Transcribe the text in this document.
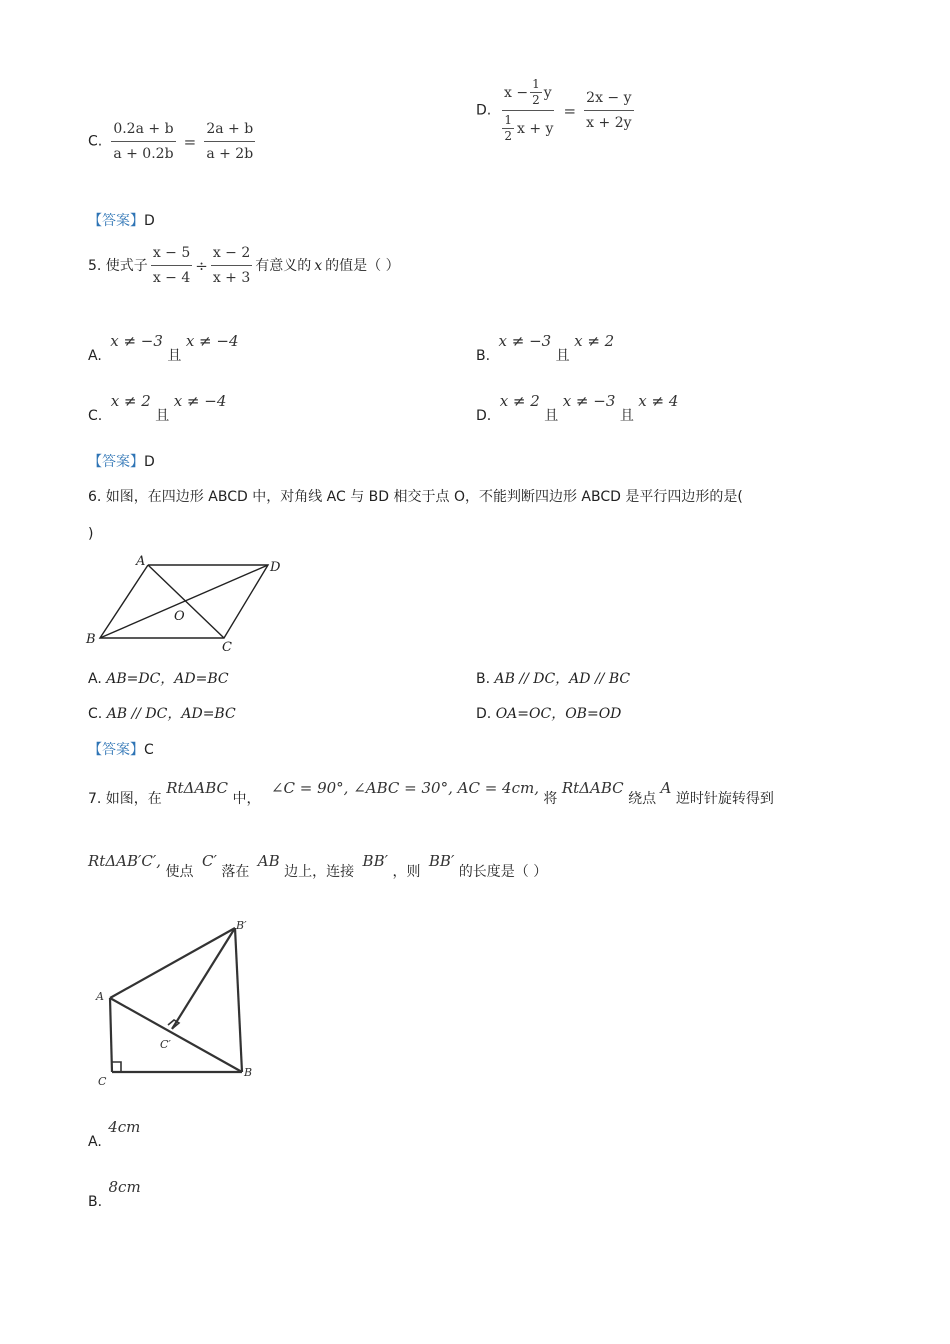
C. $\frac{0.2a + b}{a + 0.2b} = \frac{2a + b}{a + 2b}$
D. $\frac{x - \frac{1}{2} y}{\frac{1}{2} x + y} = \frac{2x - y}{x + 2y}$
【答案】D
5. 使式子 $\frac{x - 5}{x - 4} \div \frac{x - 2}{x + 3}$ 有意义的 x 的值是（ ）
A. x ≠ −3 且 x ≠ −4
B. x ≠ −3 且 x ≠ 2
C. x ≠ 2 且 x ≠ −4
D. x ≠ 2 且 x ≠ −3 且 x ≠ 4
【答案】D
6. 如图，在四边形 ABCD 中，对角线 AC 与 BD 相交于点 O，不能判断四边形 ABCD 是平行四边形的是(
)
A	D
B
C
O
A. AB=DC，AD=BC	B. AB // DC，AD // BC
C. AB // DC，AD=BC	D. OA=OC，OB=OD
【答案】C
7. 如图，在 RtΔABC 中， ∠C = 90°, ∠ABC = 30°, AC = 4cm, 将 RtΔABC 绕点 A 逆时针旋转得到
RtΔAB′C′, 使点 C′ 落在 AB 边上，连接 BB′ ，则 BB′ 的长度是（ ）
A
C
B
B′
C′
A. 4cm
B. 8cm
